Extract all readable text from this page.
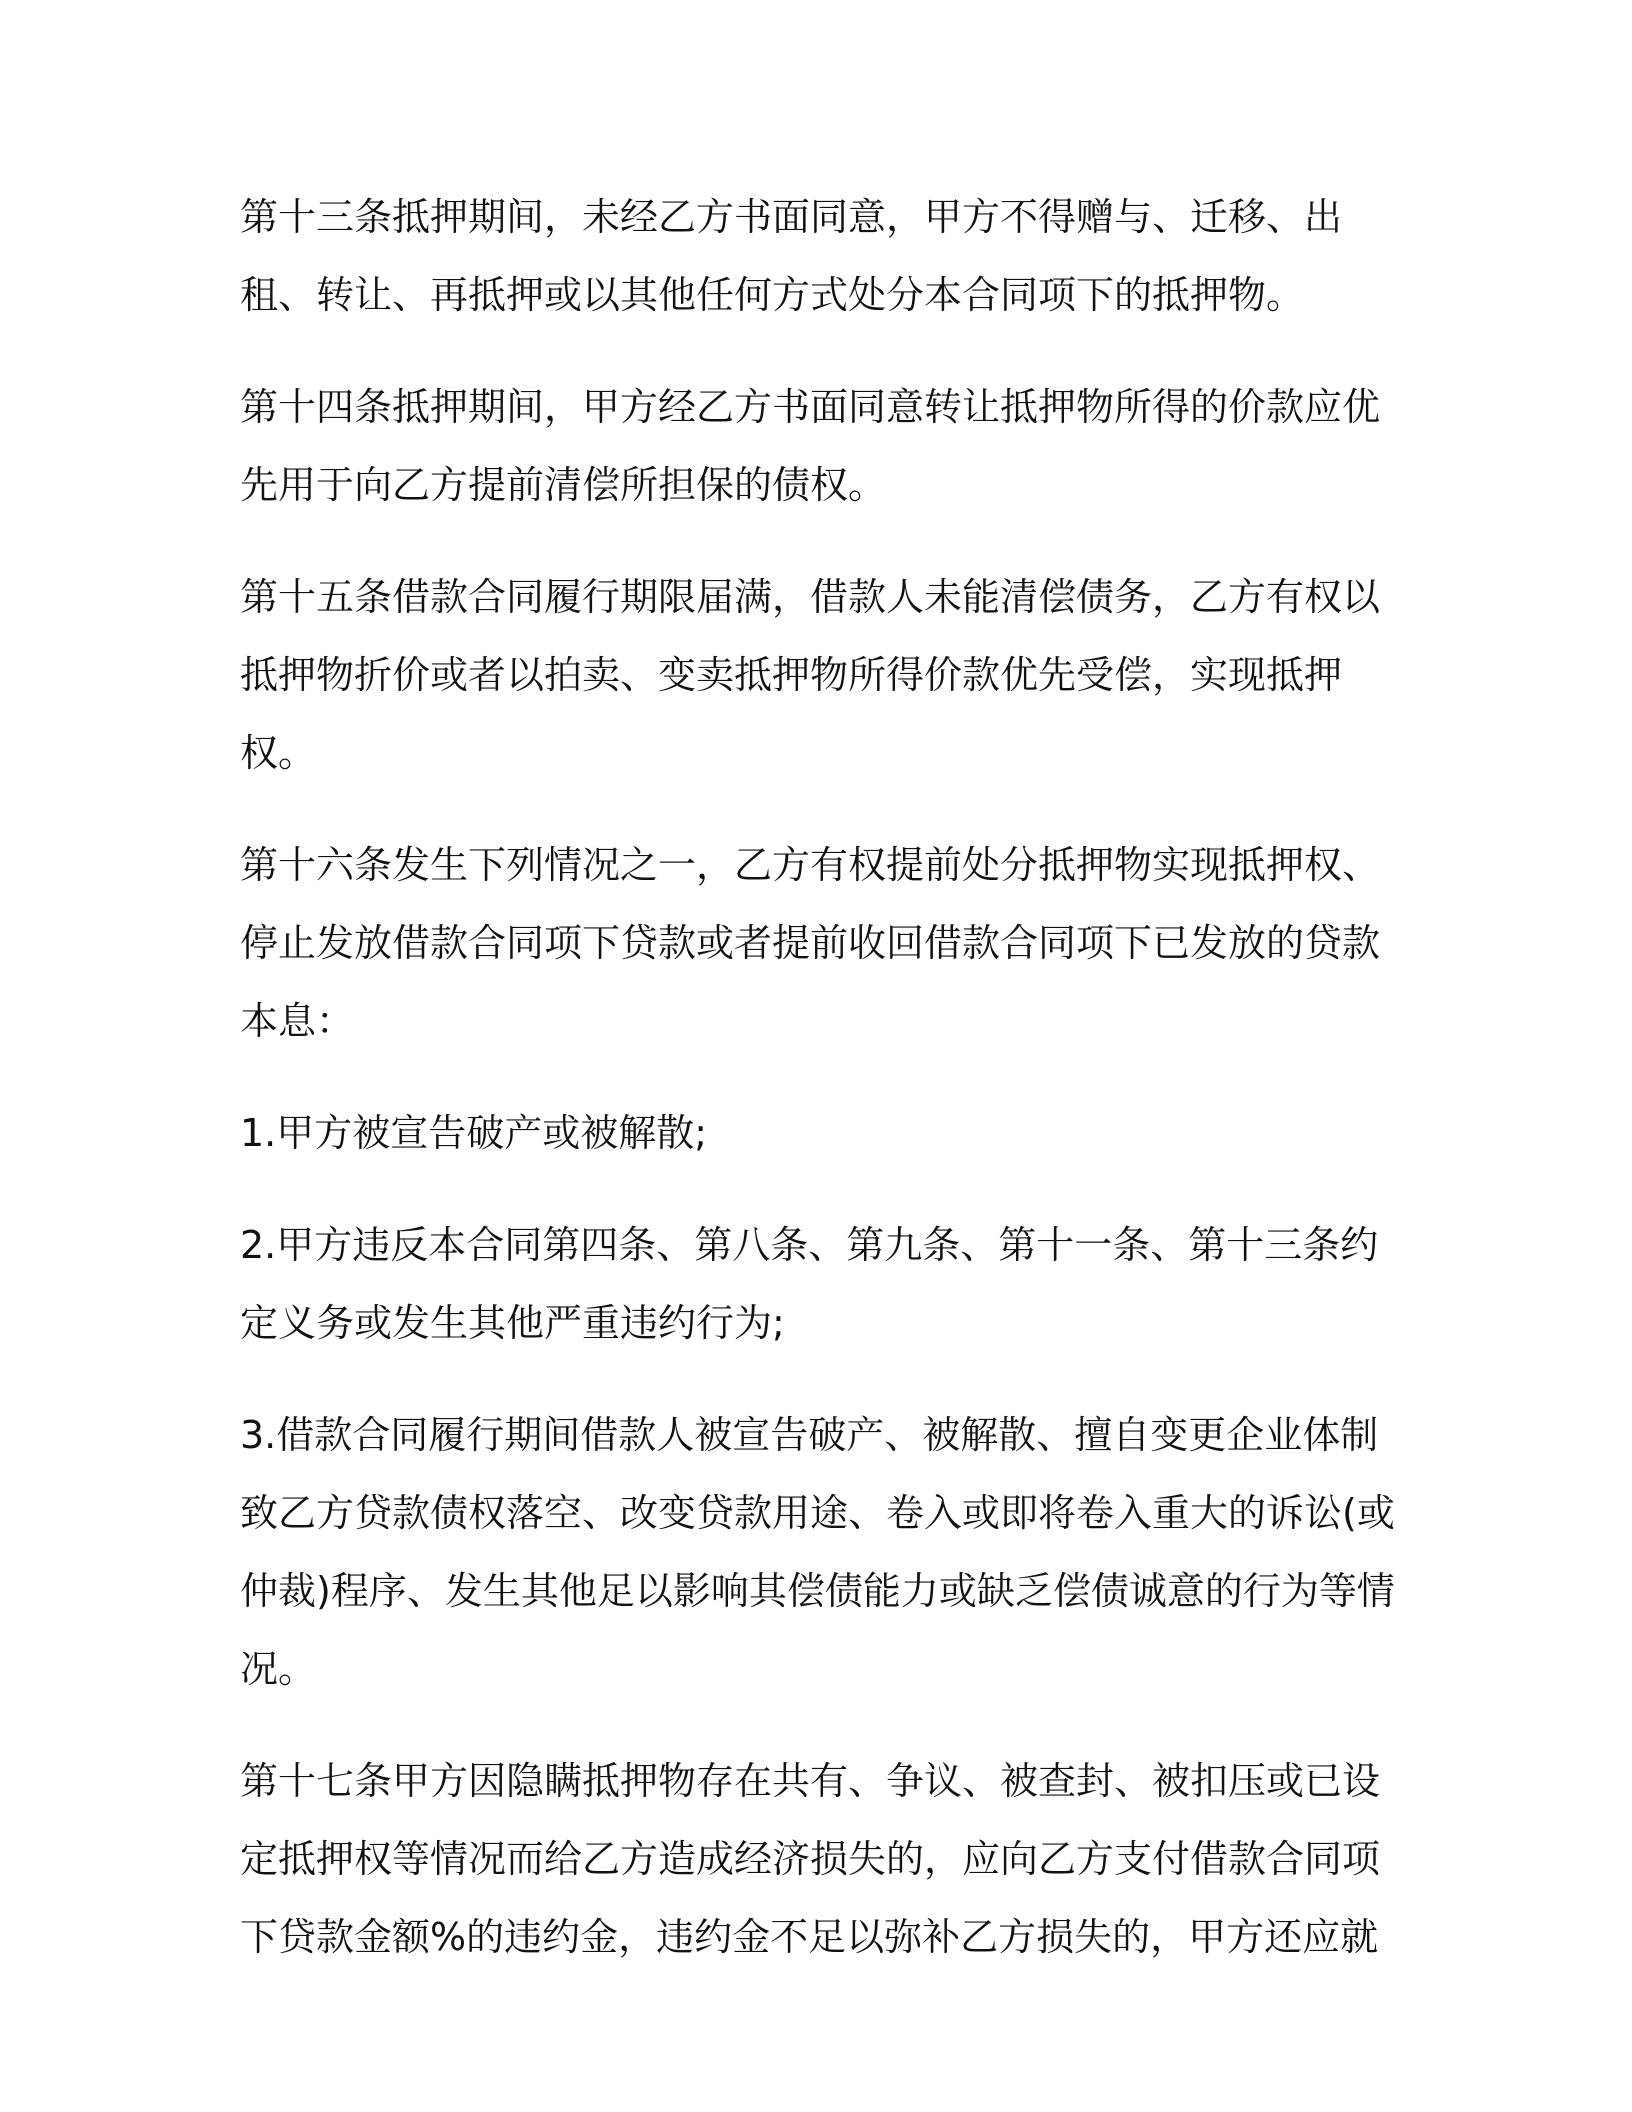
第十三条抵押期间，未经乙方书面同意，甲方不得赠与、迁移、出租、转让、再抵押或以其他任何方式处分本合同项下的抵押物。

第十四条抵押期间，甲方经乙方书面同意转让抵押物所得的价款应优先用于向乙方提前清偿所担保的债权。

第十五条借款合同履行期限届满，借款人未能清偿债务，乙方有权以抵押物折价或者以拍卖、变卖抵押物所得价款优先受偿，实现抵押权。

第十六条发生下列情况之一，乙方有权提前处分抵押物实现抵押权、停止发放借款合同项下贷款或者提前收回借款合同项下已发放的贷款本息：

1.甲方被宣告破产或被解散;

2.甲方违反本合同第四条、第八条、第九条、第十一条、第十三条约定义务或发生其他严重违约行为;

3.借款合同履行期间借款人被宣告破产、被解散、擅自变更企业体制致乙方贷款债权落空、改变贷款用途、卷入或即将卷入重大的诉讼(或仲裁)程序、发生其他足以影响其偿债能力或缺乏偿债诚意的行为等情况。

第十七条甲方因隐瞒抵押物存在共有、争议、被查封、被扣压或已设定抵押权等情况而给乙方造成经济损失的，应向乙方支付借款合同项下贷款金额%的违约金，违约金不足以弥补乙方损失的，甲方还应就
